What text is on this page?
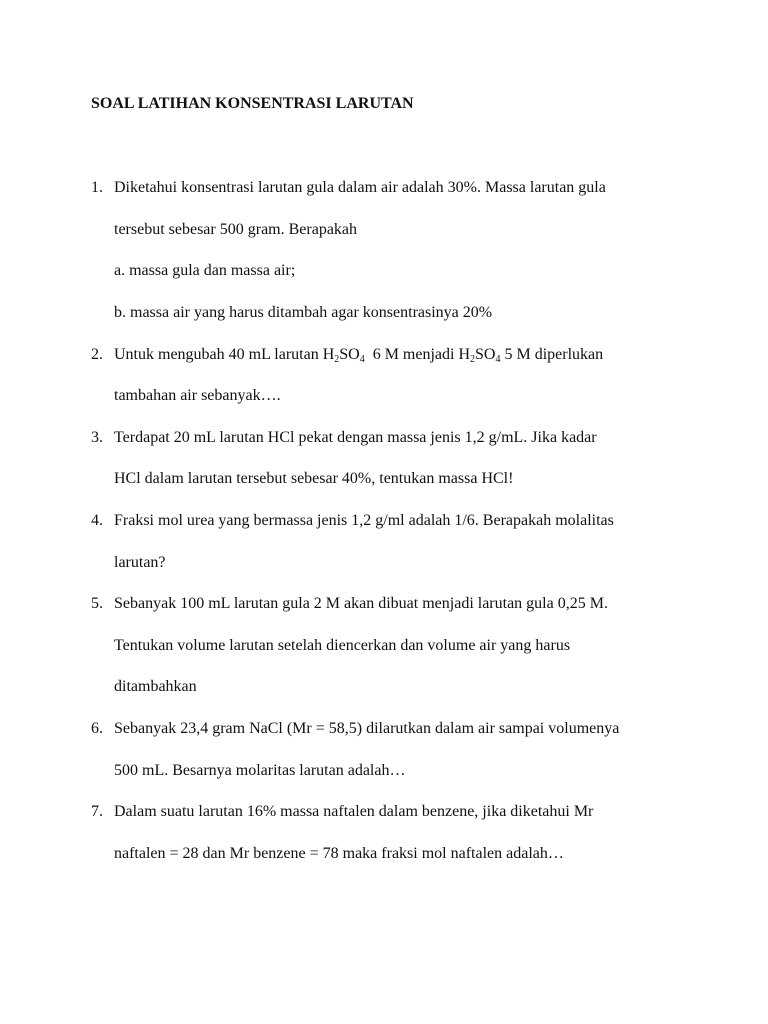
SOAL LATIHAN KONSENTRASI LARUTAN
1. Diketahui konsentrasi larutan gula dalam air adalah 30%. Massa larutan gula
tersebut sebesar 500 gram. Berapakah
a. massa gula dan massa air;
b. massa air yang harus ditambah agar konsentrasinya 20%
2. Untuk mengubah 40 mL larutan $H_2SO_4$  6 M menjadi $H_2SO_4$ 5 M diperlukan
tambahan air sebanyak….
3. Terdapat 20 mL larutan HCl pekat dengan massa jenis 1,2 g/mL. Jika kadar
HCl dalam larutan tersebut sebesar 40%, tentukan massa HCl!
4. Fraksi mol urea yang bermassa jenis 1,2 g/ml adalah 1/6. Berapakah molalitas
larutan?
5. Sebanyak 100 mL larutan gula 2 M akan dibuat menjadi larutan gula 0,25 M.
Tentukan volume larutan setelah diencerkan dan volume air yang harus
ditambahkan
6. Sebanyak 23,4 gram NaCl (Mr = 58,5) dilarutkan dalam air sampai volumenya
500 mL. Besarnya molaritas larutan adalah…
7. Dalam suatu larutan 16% massa naftalen dalam benzene, jika diketahui Mr
naftalen = 28 dan Mr benzene = 78 maka fraksi mol naftalen adalah…
